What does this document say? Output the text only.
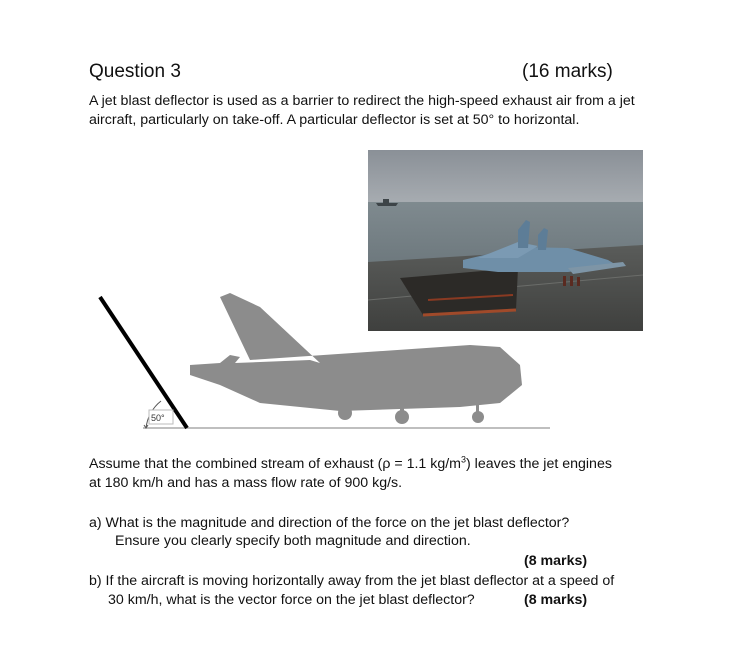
Question 3	(16 marks)
A jet blast deflector is used as a barrier to redirect the high-speed exhaust air from a jet aircraft, particularly on take-off. A particular deflector is set at 50° to horizontal.
50°
Assume that the combined stream of exhaust (ρ = 1.1 $kg/m^3$) leaves the jet engines
at 180 km/h and has a mass flow rate of 900 kg/s.
a) What is the magnitude and direction of the force on the jet blast deflector?
Ensure you clearly specify both magnitude and direction.
(8 marks)
b) If the aircraft is moving horizontally away from the jet blast deflector at a speed of
30 km/h, what is the vector force on the jet blast deflector?	(8 marks)
